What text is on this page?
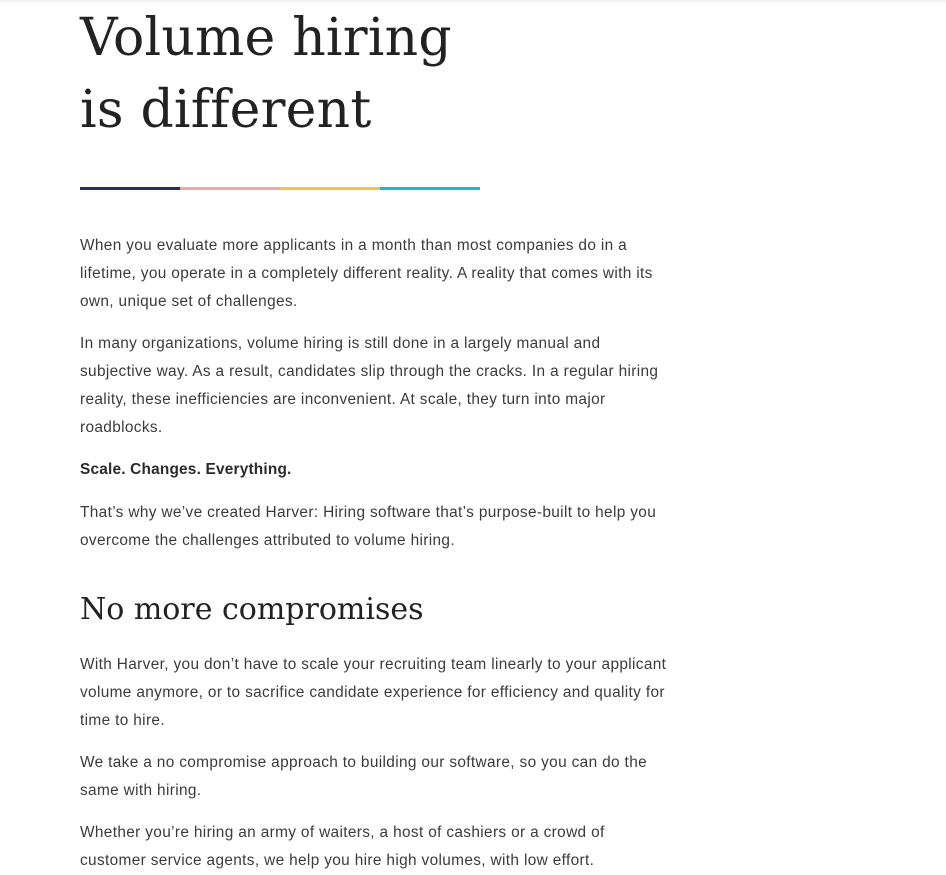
Volume hiring
is different

When you evaluate more applicants in a month than most companies do in a lifetime, you operate in a completely different reality. A reality that comes with its own, unique set of challenges.

In many organizations, volume hiring is still done in a largely manual and subjective way. As a result, candidates slip through the cracks. In a regular hiring reality, these inefficiencies are inconvenient. At scale, they turn into major roadblocks.

Scale. Changes. Everything.

That’s why we’ve created Harver: Hiring software that’s purpose-built to help you overcome the challenges attributed to volume hiring.

No more compromises

With Harver, you don’t have to scale your recruiting team linearly to your applicant volume anymore, or to sacrifice candidate experience for efficiency and quality for time to hire.

We take a no compromise approach to building our software, so you can do the same with hiring.

Whether you’re hiring an army of waiters, a host of cashiers or a crowd of customer service agents, we help you hire high volumes, with low effort.
